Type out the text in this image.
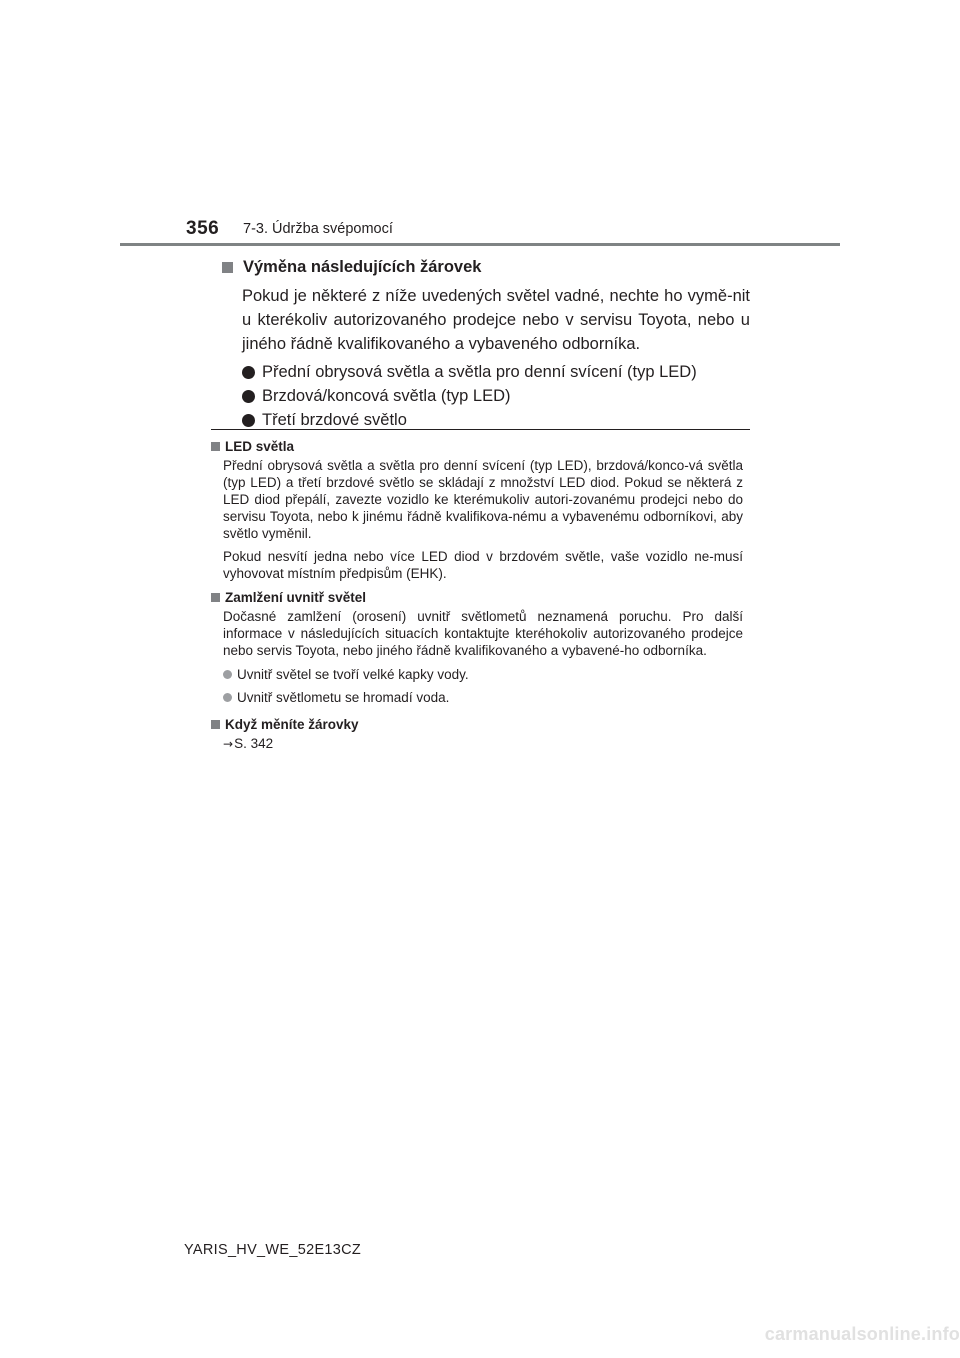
356 7-3. Údržba svépomocí
Výměna následujících žárovek

Pokud je některé z níže uvedených světel vadné, nechte ho vymě-nit u kterékoliv autorizovaného prodejce nebo v servisu Toyota, nebo u jiného řádně kvalifikovaného a vybaveného odborníka.

Přední obrysová světla a světla pro denní svícení (typ LED)
Brzdová/koncová světla (typ LED)
Třetí brzdové světlo
LED světla

Přední obrysová světla a světla pro denní svícení (typ LED), brzdová/konco-vá světla (typ LED) a třetí brzdové světlo se skládají z množství LED diod. Pokud se některá z LED diod přepálí, zavezte vozidlo ke kterémukoliv autori-zovanému prodejci nebo do servisu Toyota, nebo k jinému řádně kvalifikova-nému a vybavenému odborníkovi, aby světlo vyměnil.

Pokud nesvítí jedna nebo více LED diod v brzdovém světle, vaše vozidlo ne-musí vyhovovat místním předpisům (EHK).

Zamlžení uvnitř světel

Dočasné zamlžení (orosení) uvnitř světlometů neznamená poruchu. Pro další informace v následujících situacích kontaktujte kteréhokoliv autorizovaného prodejce nebo servis Toyota, nebo jiného řádně kvalifikovaného a vybavené-ho odborníka.

Uvnitř světel se tvoří velké kapky vody.
Uvnitř světlometu se hromadí voda.
Když měníte žárovky

→S. 342

YARIS_HV_WE_52E13CZ
carmanualsonline.info
